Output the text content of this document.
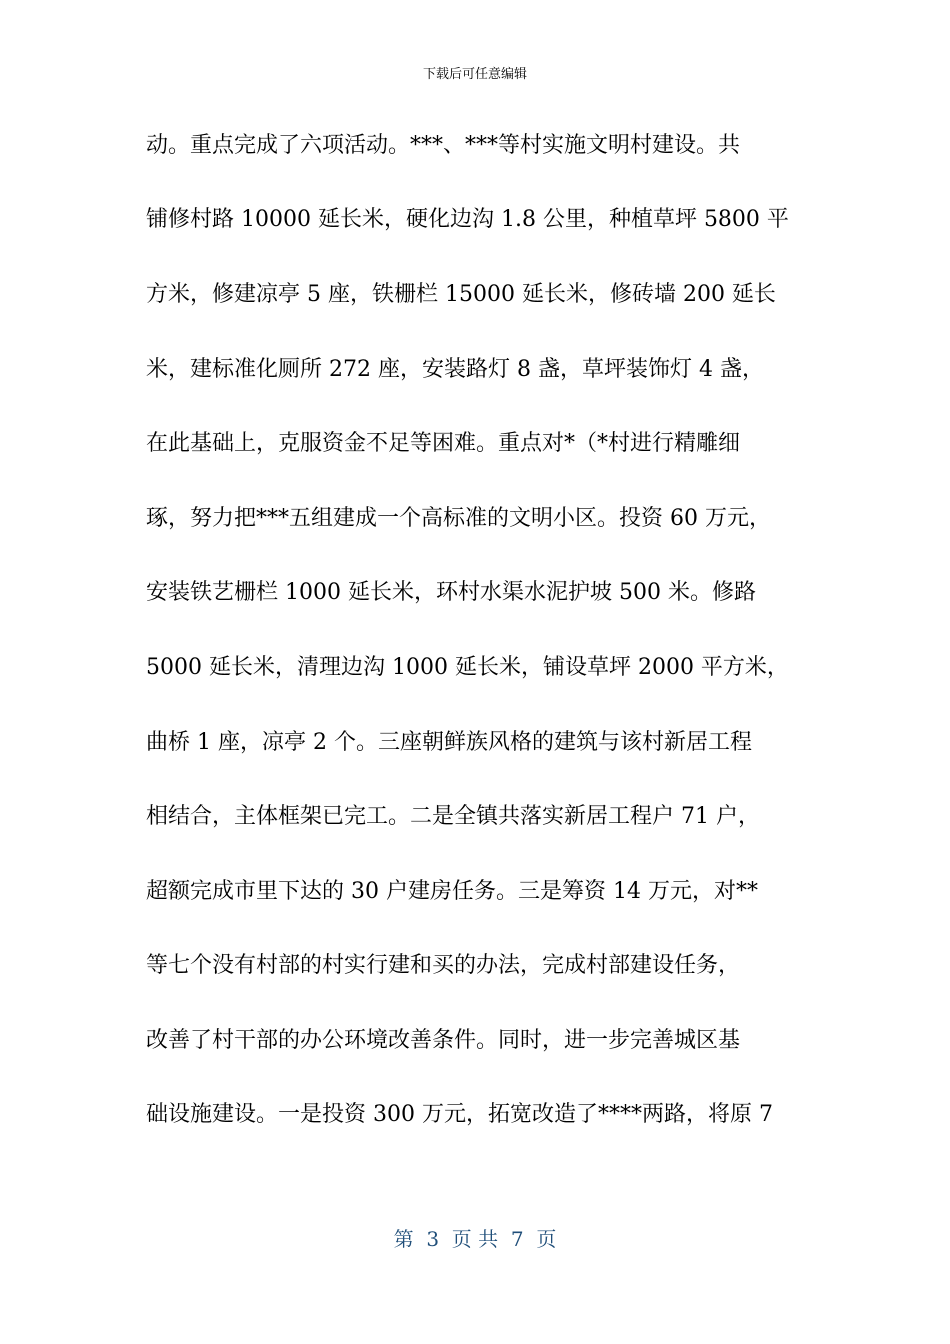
下载后可任意编辑
动。重点完成了六项活动。***、***等村实施文明村建设。共
铺修村路 10000 延长米，硬化边沟 1.8 公里，种植草坪 5800 平
方米，修建凉亭 5 座，铁栅栏 15000 延长米，修砖墙 200 延长
米，建标准化厕所 272 座，安装路灯 8 盏，草坪装饰灯 4 盏，
在此基础上，克服资金不足等困难。重点对*（*村进行精雕细
琢，努力把***五组建成一个高标准的文明小区。投资 60 万元，
安装铁艺栅栏 1000 延长米，环村水渠水泥护坡 500 米。修路
5000 延长米，清理边沟 1000 延长米，铺设草坪 2000 平方米，
曲桥 1 座，凉亭 2 个。三座朝鲜族风格的建筑与该村新居工程
相结合，主体框架已完工。二是全镇共落实新居工程户 71 户，
超额完成市里下达的 30 户建房任务。三是筹资 14 万元，对**
等七个没有村部的村实行建和买的办法，完成村部建设任务，
改善了村干部的办公环境改善条件。同时，进一步完善城区基
础设施建设。一是投资 300 万元，拓宽改造了****两路，将原 7
第  3  页 共  7  页
